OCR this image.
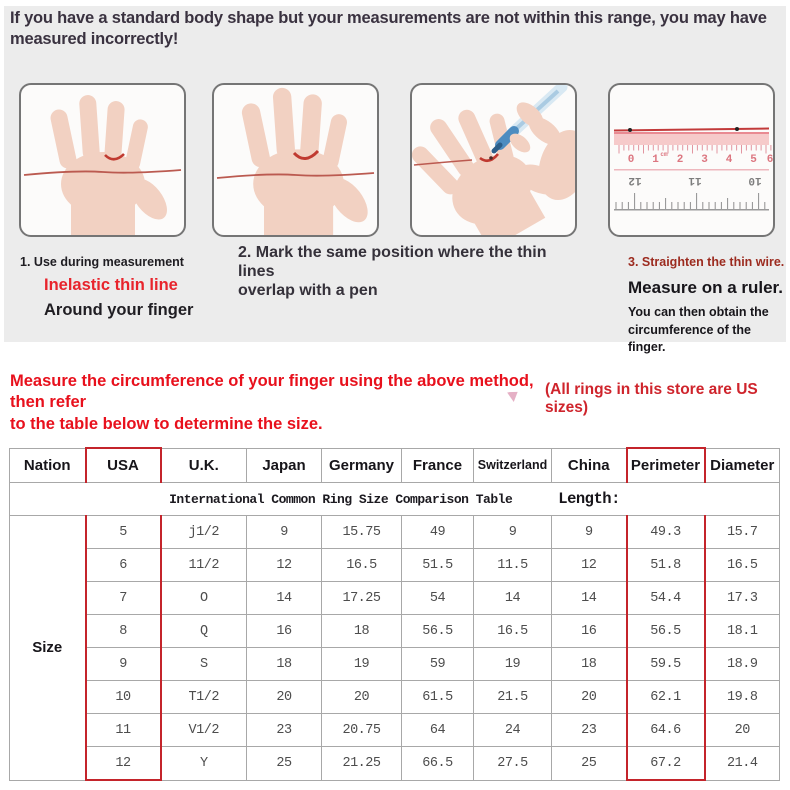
If you have a standard body shape but your measurements are not within this range, you may have
measured incorrectly!
0 1 cm 2 3 4 5 6
12	11	10
1. Use during measurement
Inelastic thin line
Around your finger
2. Mark the same position where the thin lines
overlap with a pen
3. Straighten the thin wire.
Measure on a ruler.
You can then obtain the
circumference of the finger.
Measure the circumference of your finger using the above method, then refer
to the table below to determine the size.
(All rings in this store are US sizes)
International Common Ring Size Comparison Table Length:									

Nation	USA	U.K.	Japan	Germany	France	Switzerland	China	Perimeter	Diameter
Size	5	j1/2	9	15.75	49	9	9	49.3	15.7
	6	11/2	12	16.5	51.5	11.5	12	51.8	16.5
	7	O	14	17.25	54	14	14	54.4	17.3
	8	Q	16	18	56.5	16.5	16	56.5	18.1
	9	S	18	19	59	19	18	59.5	18.9
	10	T1/2	20	20	61.5	21.5	20	62.1	19.8
	11	V1/2	23	20.75	64	24	23	64.6	20
	12	Y	25	21.25	66.5	27.5	25	67.2	21.4
